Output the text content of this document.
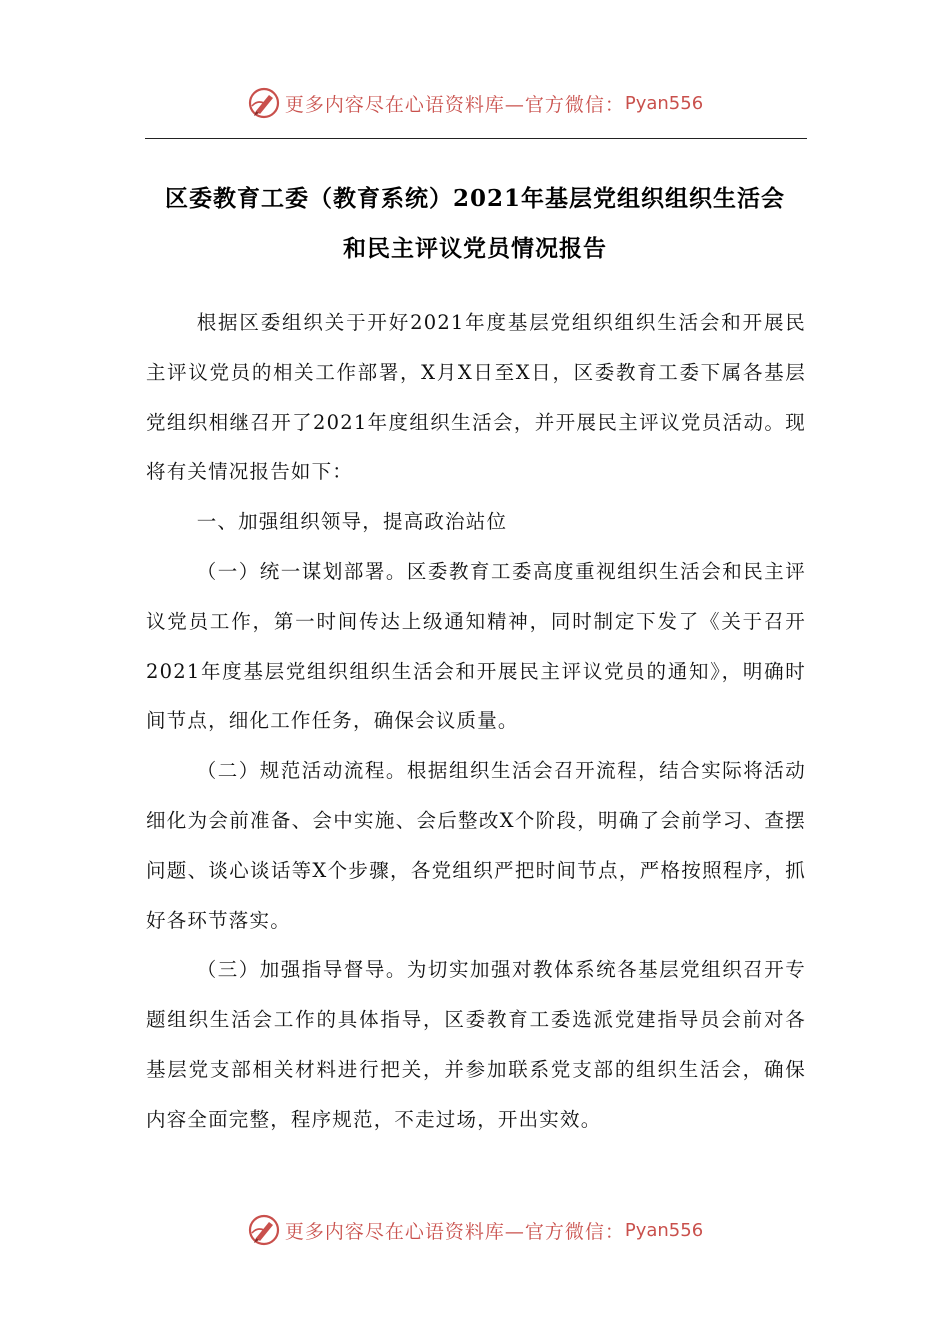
更多内容尽在心语资料库—官方微信： Pyan556
区委教育工委（教育系统）2021年基层党组织组织生活会
和民主评议党员情况报告

根据区委组织关于开好2021年度基层党组织组织生活会和开展民主评议党员的相关工作部署，X月X日至X日，区委教育工委下属各基层党组织相继召开了2021年度组织生活会，并开展民主评议党员活动。现将有关情况报告如下：

一、加强组织领导，提高政治站位

（一）统一谋划部署。区委教育工委高度重视组织生活会和民主评议党员工作，第一时间传达上级通知精神，同时制定下发了《关于召开2021年度基层党组织组织生活会和开展民主评议党员的通知》，明确时间节点，细化工作任务，确保会议质量。

（二）规范活动流程。根据组织生活会召开流程，结合实际将活动细化为会前准备、会中实施、会后整改X个阶段，明确了会前学习、查摆问题、谈心谈话等X个步骤，各党组织严把时间节点，严格按照程序，抓好各环节落实。

（三）加强指导督导。为切实加强对教体系统各基层党组织召开专题组织生活会工作的具体指导，区委教育工委选派党建指导员会前对各基层党支部相关材料进行把关，并参加联系党支部的组织生活会，确保内容全面完整，程序规范，不走过场，开出实效。

更多内容尽在心语资料库—官方微信： Pyan556
